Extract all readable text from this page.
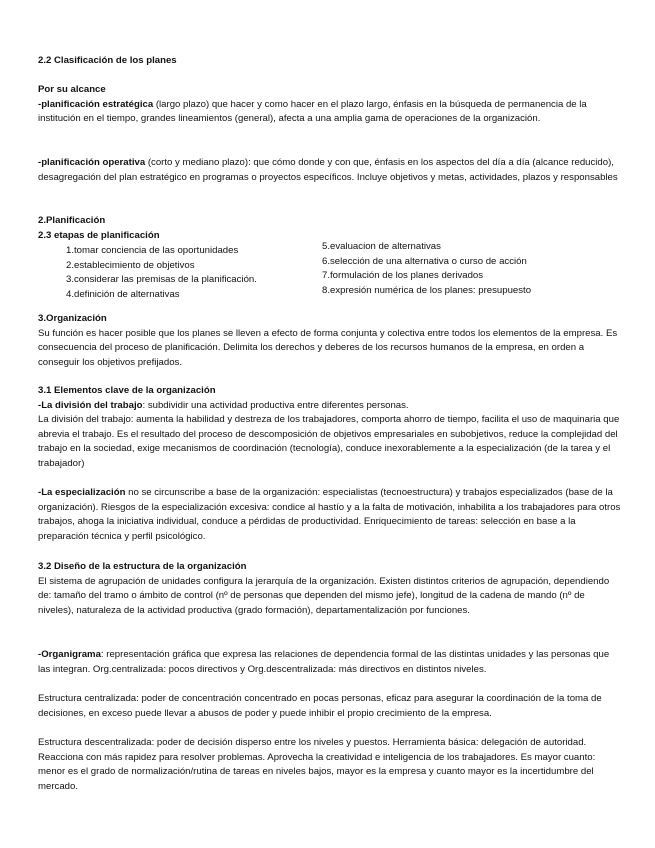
2.2 Clasificación de los planes

Por su alcance

-planificación estratégica (largo plazo) que hacer y como hacer en el plazo largo, énfasis en la búsqueda de permanencia de la institución en el tiempo, grandes lineamientos (general), afecta a una amplia gama de operaciones de la organización.

-planificación operativa (corto y mediano plazo): que cómo donde y con que, énfasis en los aspectos del día a día (alcance reducido), desagregación del plan estratégico en programas o proyectos específicos. Incluye objetivos y metas, actividades, plazos y responsables

2.Planificación

2.3 etapas de planificación

1.tomar conciencia de las oportunidades
2.establecimiento de objetivos
3.considerar las premisas de la planificación.
4.definición de alternativas
5.evaluacion de alternativas
6.selección de una alternativa o curso de acción
7.formulación de los planes derivados
8.expresión numérica de los planes: presupuesto

3.Organización

Su función es hacer posible que los planes se lleven a efecto de forma conjunta y colectiva entre todos los elementos de la empresa. Es consecuencia del proceso de planificación. Delimita los derechos y deberes de los recursos humanos de la empresa, en orden a conseguir los objetivos prefijados.

3.1 Elementos clave de la organización

-La división del trabajo: subdividir una actividad productiva entre diferentes personas.

La división del trabajo: aumenta la habilidad y destreza de los trabajadores, comporta ahorro de tiempo, facilita el uso de maquinaria que abrevia el trabajo. Es el resultado del proceso de descomposición de objetivos empresariales en subobjetivos, reduce la complejidad del trabajo en la sociedad, exige mecanismos de coordinación (tecnología), conduce inexorablemente a la especialización (de la tarea y el trabajador)

-La especialización no se circunscribe a base de la organización: especialistas (tecnoestructura) y trabajos especializados (base de la organización). Riesgos de la especialización excesiva: condice al hastío y a la falta de motivación, inhabilita a los trabajadores para otros trabajos, ahoga la iniciativa individual, conduce a pérdidas de productividad. Enriquecimiento de tareas: selección en base a la preparación técnica y perfil psicológico.

3.2 Diseño de la estructura de la organización

El sistema de agrupación de unidades configura la jerarquía de la organización. Existen distintos criterios de agrupación, dependiendo de: tamaño del tramo o ámbito de control (nº de personas que dependen del mismo jefe), longitud de la cadena de mando (nº de niveles), naturaleza de la actividad productiva (grado formación), departamentalización por funciones.

-Organigrama: representación gráfica que expresa las relaciones de dependencia formal de las distintas unidades y las personas que las integran. Org.centralizada: pocos directivos y Org.descentralizada: más directivos en distintos niveles.

Estructura centralizada: poder de concentración concentrado en pocas personas, eficaz para asegurar la coordinación de la toma de decisiones, en exceso puede llevar a abusos de poder y puede inhibir el propio crecimiento de la empresa.

Estructura descentralizada: poder de decisión disperso entre los niveles y puestos. Herramienta básica: delegación de autoridad. Reacciona con más rapidez para resolver problemas. Aprovecha la creatividad e inteligencia de los trabajadores. Es mayor cuanto: menor es el grado de normalización/rutina de tareas en niveles bajos, mayor es la empresa y cuanto mayor es la incertidumbre del mercado.
